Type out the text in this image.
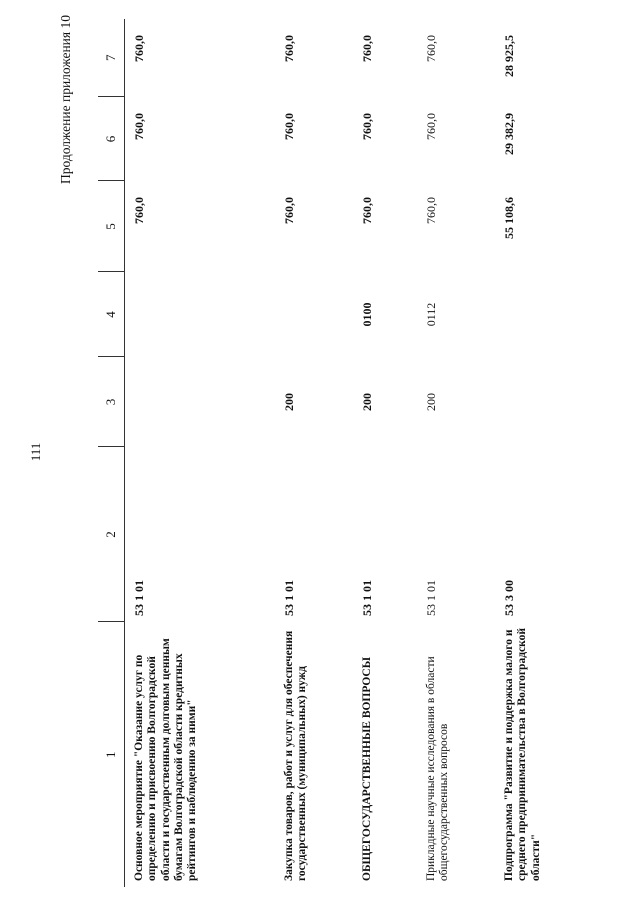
111
Продолжение приложения 10
1	2	3	4	5	6	7
Основное мероприятие "Оказание услуг по определению и присвоению Волгоградской области и государственным долговым ценным бумагам Волгоградской области кредитных рейтингов и наблюдению за ними"	53 1 01			760,0	760,0	760,0
Закупка товаров, работ и услуг для обеспечения государственных (муниципальных) нужд	53 1 01	200		760,0	760,0	760,0
ОБЩЕГОСУДАРСТВЕННЫЕ ВОПРОСЫ	53 1 01	200	0100	760,0	760,0	760,0
Прикладные научные исследования в области общегосударственных вопросов	53 1 01	200	0112	760,0	760,0	760,0
Подпрограмма "Развитие и поддержка малого и среднего предпринимательства в Волгоградской области"	53 3 00			55 108,6	29 382,9	28 925,5
